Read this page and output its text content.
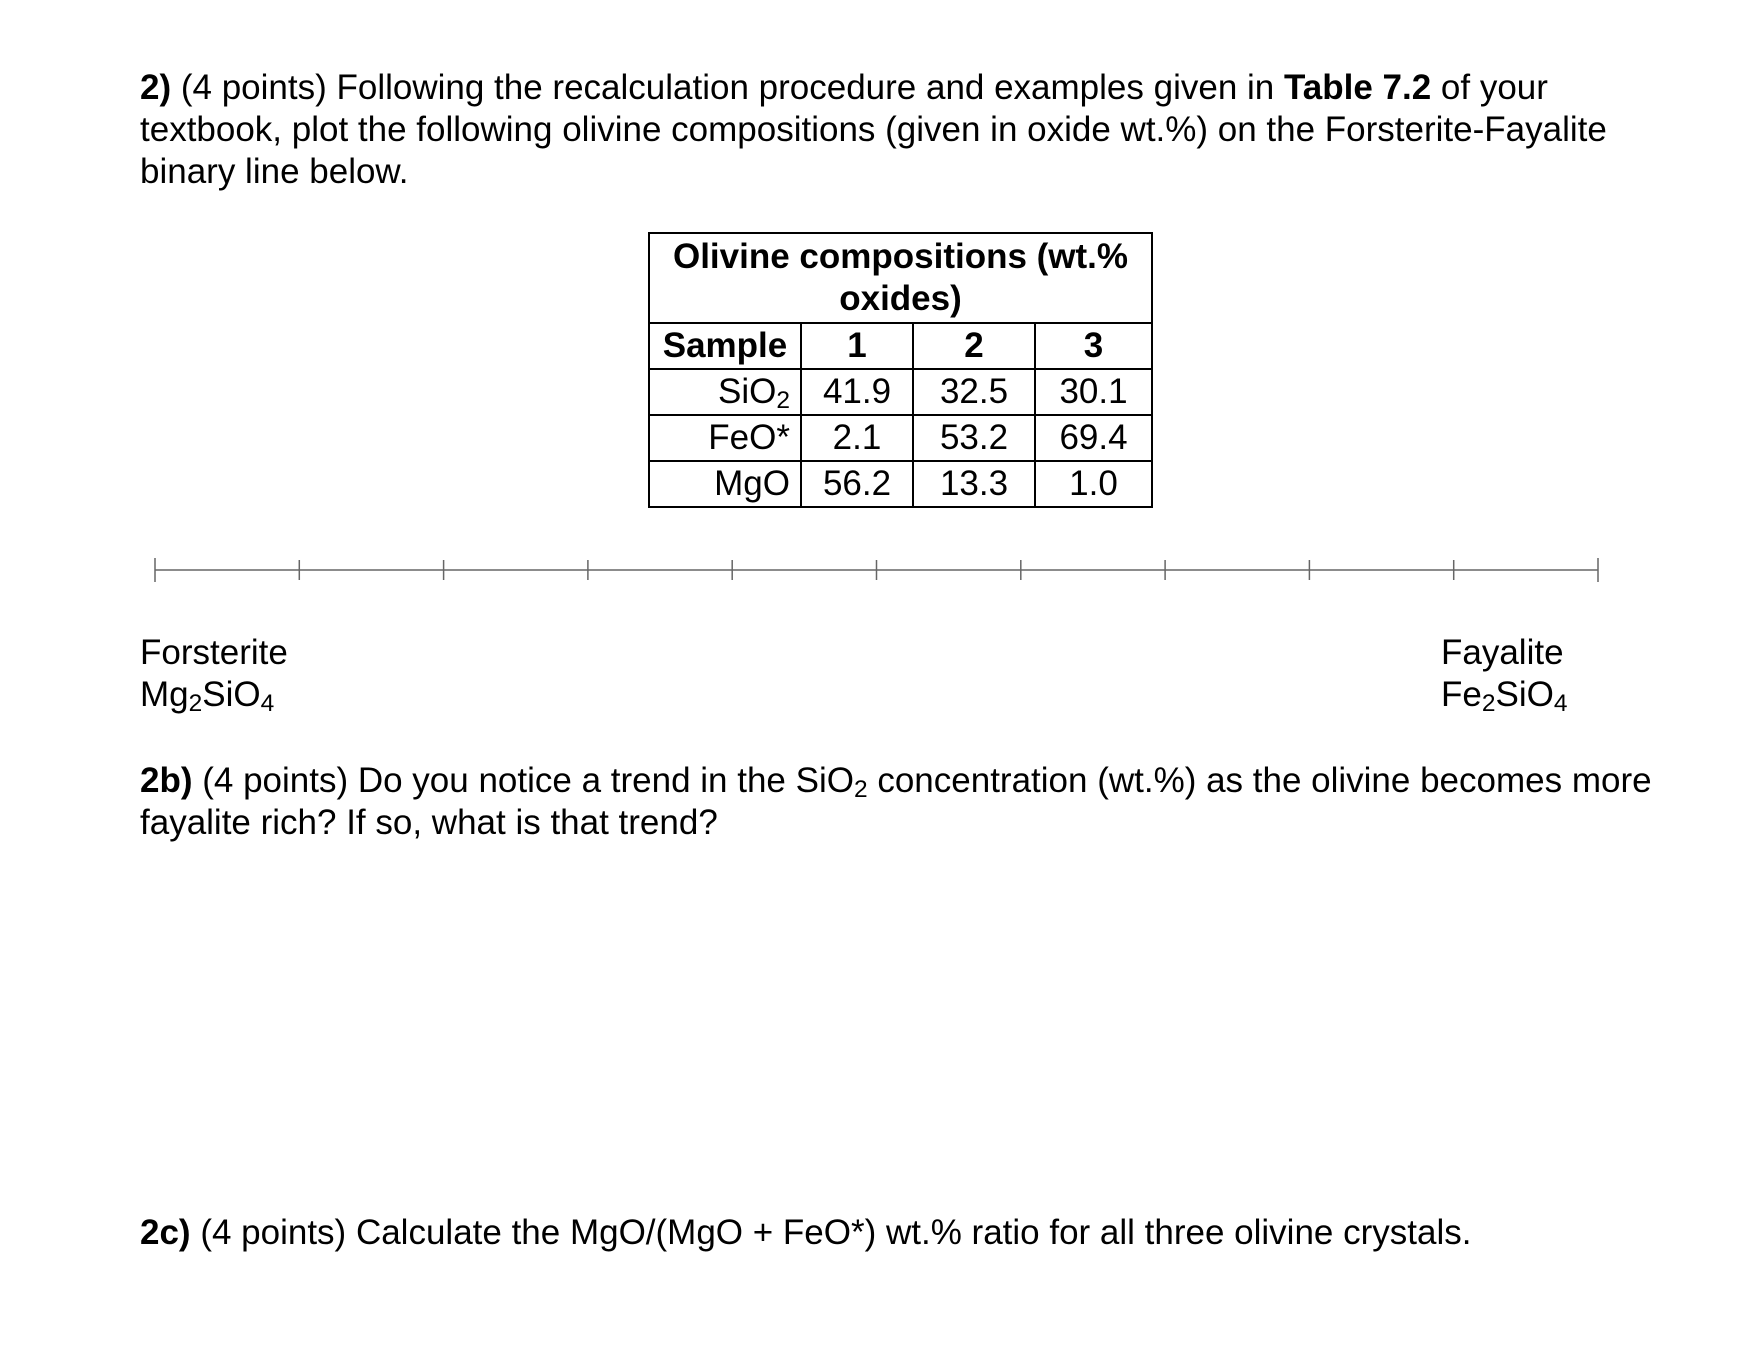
2) (4 points) Following the recalculation procedure and examples given in Table 7.2 of your textbook, plot the following olivine compositions (given in oxide wt.%) on the Forsterite-Fayalite binary line below.

Olivine compositions (wt.% oxides)			
Sample	1	2	3
SiO$_2$	41.9	32.5	30.1
FeO*	2.1	53.2	69.4
MgO	56.2	13.3	1.0
Forsterite
$Mg_2SiO_4$
Fayalite
$Fe_2SiO_4$

2b) (4 points) Do you notice a trend in the SiO$_2$ concentration (wt.%) as the olivine becomes more fayalite rich? If so, what is that trend?

2c) (4 points) Calculate the MgO/(MgO + FeO*) wt.% ratio for all three olivine crystals.
